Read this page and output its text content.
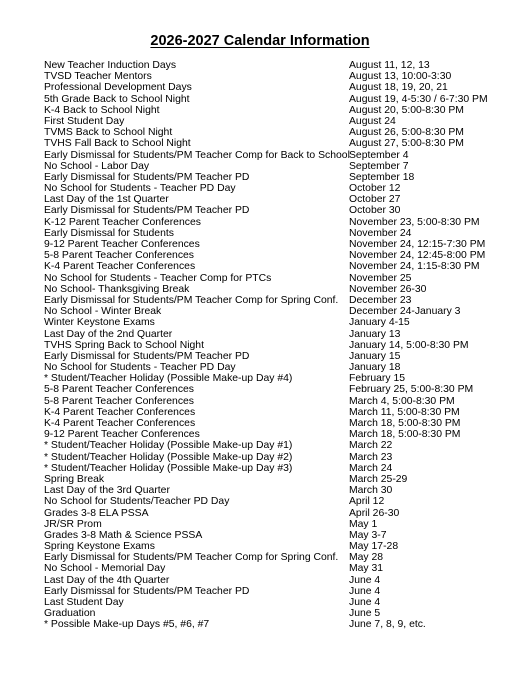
2026-2027 Calendar Information
New Teacher Induction Days	August 11, 12, 13
TVSD Teacher Mentors	August 13, 10:00-3:30
Professional Development Days	August 18, 19, 20, 21
5th Grade Back to School Night	August 19, 4-5:30 / 6-7:30 PM
K-4 Back to School Night	August 20, 5:00-8:30 PM
First Student Day	August 24
TVMS Back to School Night	August 26, 5:00-8:30 PM
TVHS Fall Back to School Night	August 27, 5:00-8:30 PM
Early Dismissal for Students/PM Teacher Comp for Back to School September 4
No School - Labor Day	September 7
Early Dismissal for Students/PM Teacher PD	September 18
No School for Students - Teacher PD Day	October 12
Last Day of the 1st Quarter	October 27
Early Dismissal for Students/PM Teacher PD	October 30
K-12 Parent Teacher Conferences	November 23, 5:00-8:30 PM
Early Dismissal for Students	November 24
9-12 Parent Teacher Conferences	November 24, 12:15-7:30 PM
5-8 Parent Teacher Conferences	November 24, 12:45-8:00 PM
K-4 Parent Teacher Conferences	November 24, 1:15-8:30 PM
No School for Students - Teacher Comp for PTCs	November 25
No School- Thanksgiving Break	November 26-30
Early Dismissal for Students/PM Teacher Comp for Spring Conf. December 23
No School - Winter Break	December 24-January 3
Winter Keystone Exams	January 4-15
Last Day of the 2nd Quarter	January 13
TVHS Spring Back to School Night	January 14, 5:00-8:30 PM
Early Dismissal for Students/PM Teacher PD	January 15
No School for Students - Teacher PD Day	January 18
* Student/Teacher Holiday (Possible Make-up Day #4)	February 15
5-8 Parent Teacher Conferences	February 25, 5:00-8:30 PM
5-8 Parent Teacher Conferences	March 4, 5:00-8:30 PM
K-4 Parent Teacher Conferences	March 11, 5:00-8:30 PM
K-4 Parent Teacher Conferences	March 18, 5:00-8:30 PM
9-12 Parent Teacher Conferences	March 18, 5:00-8:30 PM
* Student/Teacher Holiday (Possible Make-up Day #1)	March 22
* Student/Teacher Holiday (Possible Make-up Day #2)	March 23
* Student/Teacher Holiday (Possible Make-up Day #3)	March 24
Spring Break	March 25-29
Last Day of the 3rd Quarter	March 30
No School for Students/Teacher PD Day	April 12
Grades 3-8 ELA PSSA	April 26-30
JR/SR Prom	May 1
Grades 3-8 Math & Science PSSA	May 3-7
Spring Keystone Exams	May 17-28
Early Dismissal for Students/PM Teacher Comp for Spring Conf. May 28
No School - Memorial Day	May 31
Last Day of the 4th Quarter	June 4
Early Dismissal for Students/PM Teacher PD	June 4
Last Student Day	June 4
Graduation	June 5
* Possible Make-up Days #5, #6, #7	June 7, 8, 9, etc.
